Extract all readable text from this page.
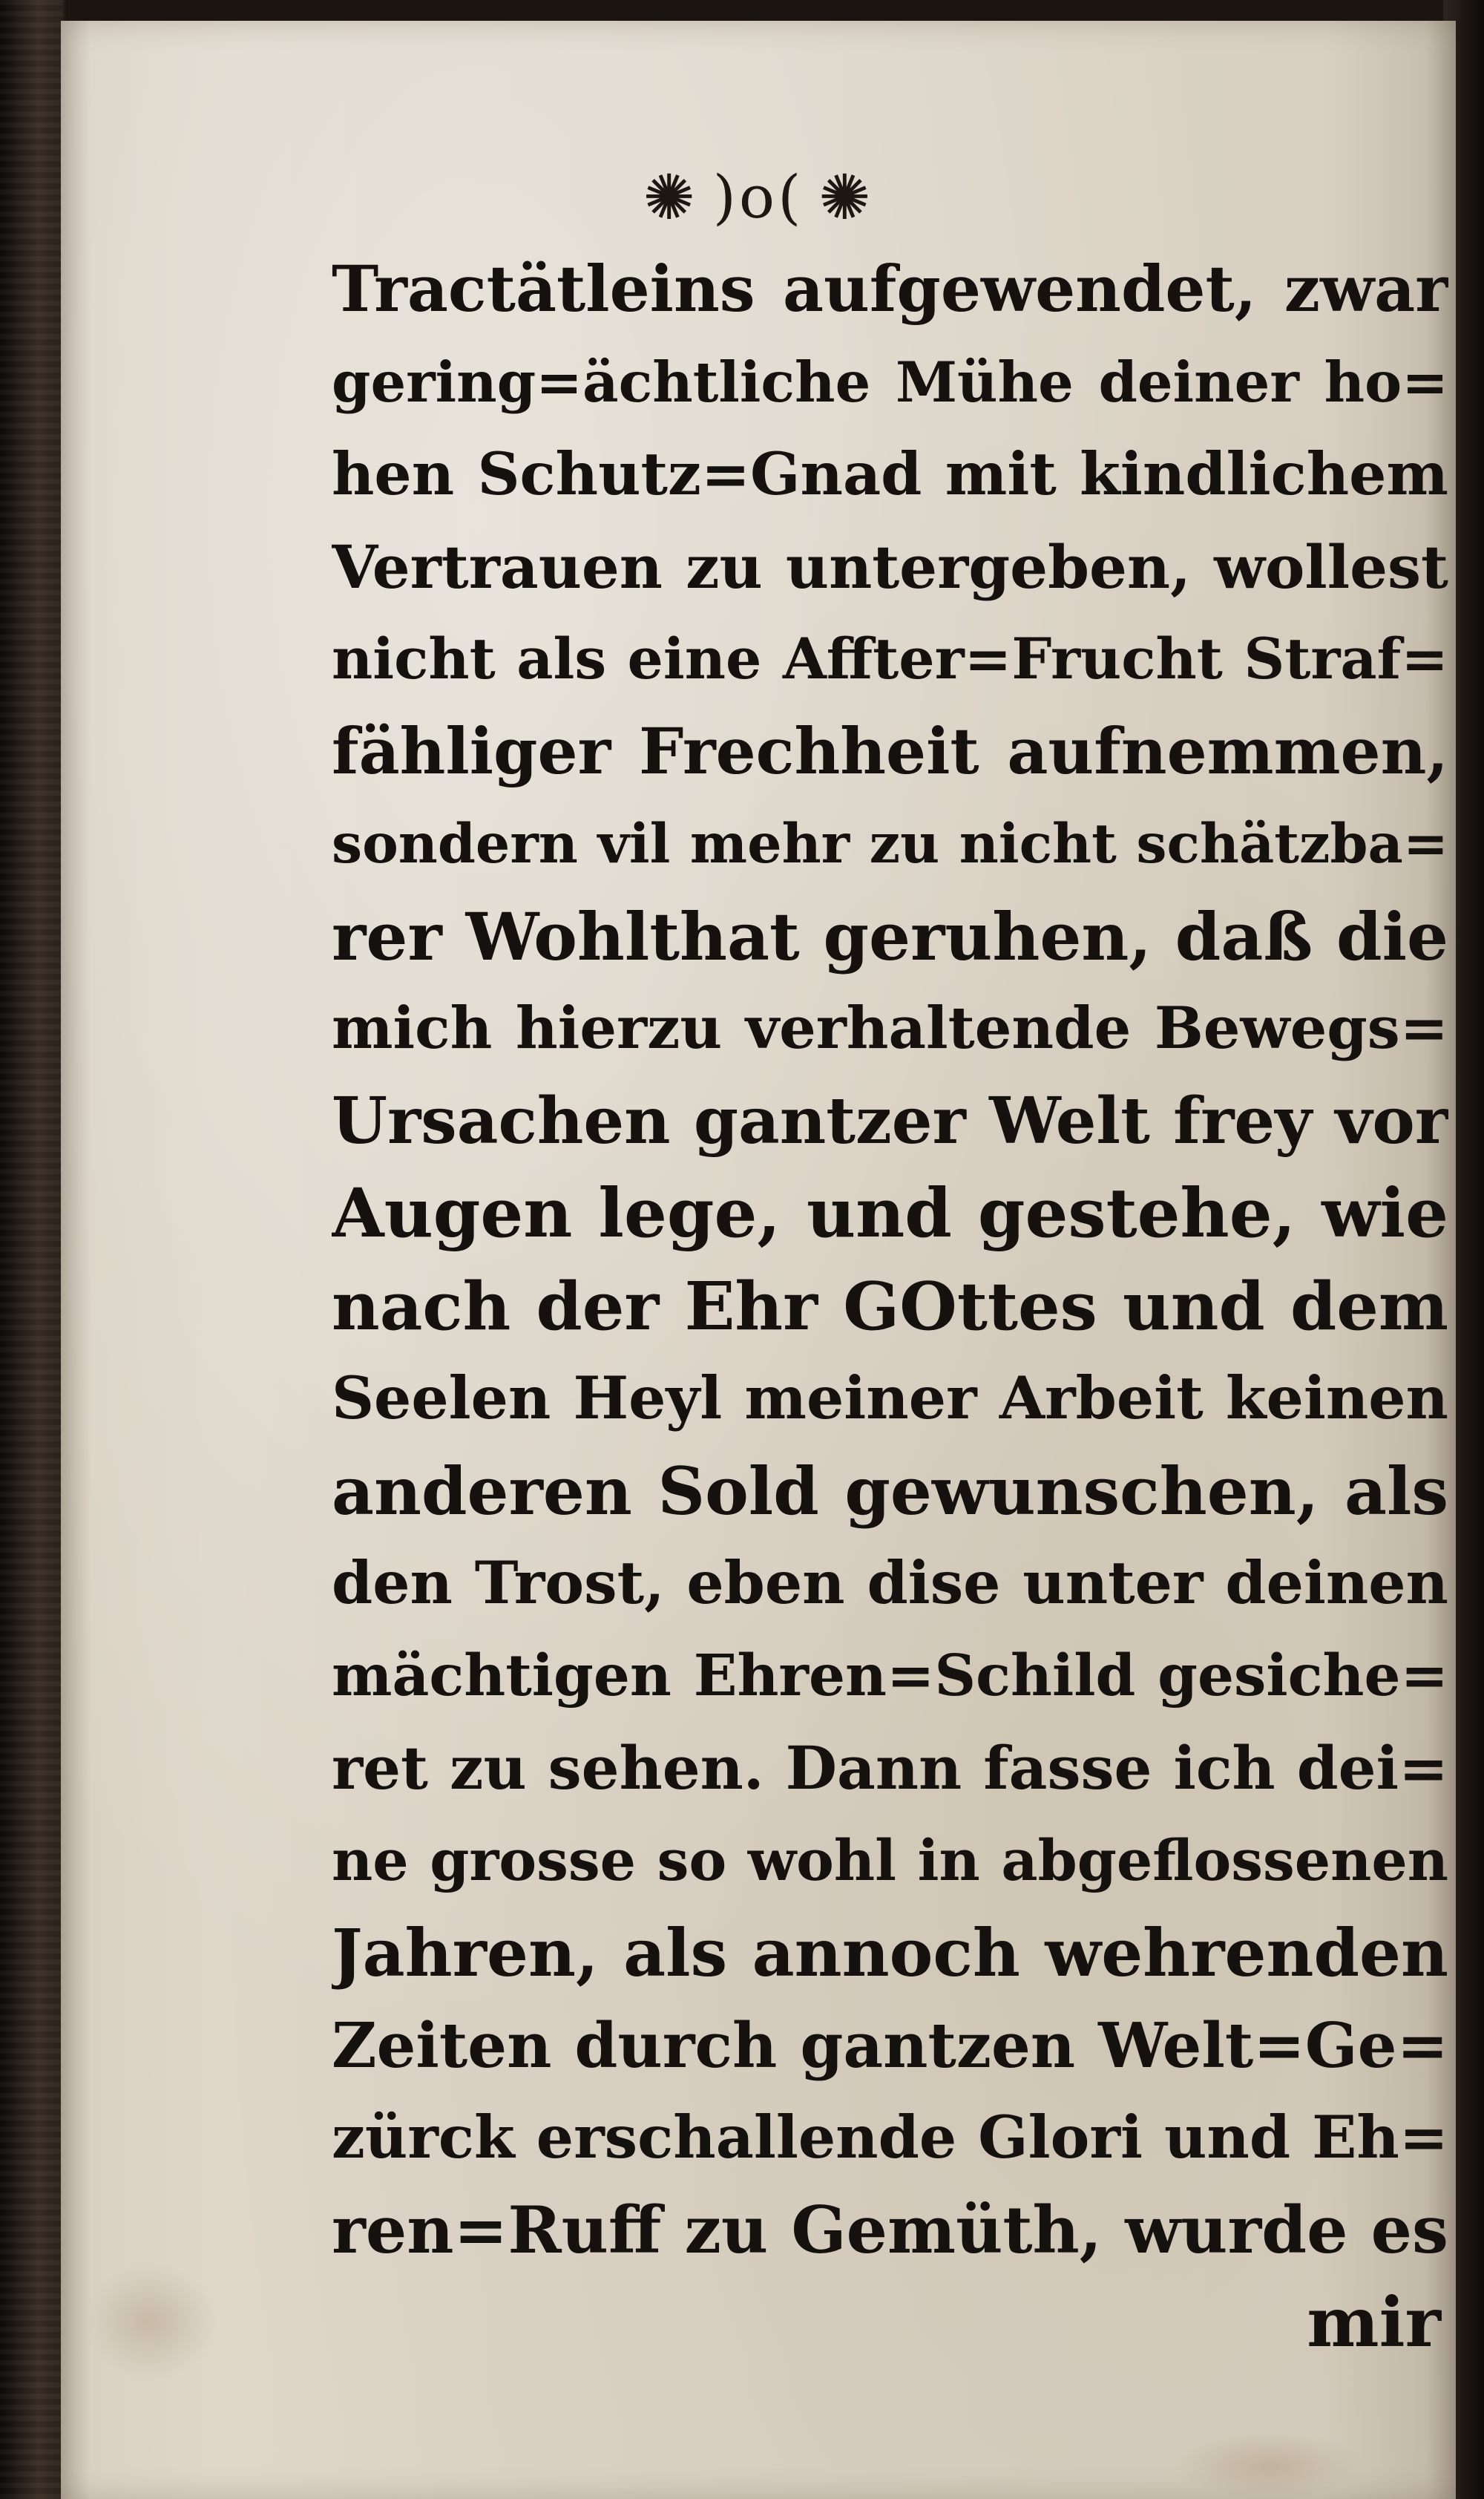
✺ )o( ✺
Tractätleins aufgewendet, zwar
gering=ächtliche Mühe deiner ho=
hen Schutz=Gnad mit kindlichem
Vertrauen zu untergeben, wollest
nicht als eine Affter=Frucht Straf=
fähliger Frechheit aufnemmen,
sondern vil mehr zu nicht schätzba=
rer Wohlthat geruhen, daß die
mich hierzu verhaltende Bewegs=
Ursachen gantzer Welt frey vor
Augen lege, und gestehe, wie
nach der Ehr GOttes und dem
Seelen Heyl meiner Arbeit keinen
anderen Sold gewunschen, als
den Trost, eben dise unter deinen
mächtigen Ehren=Schild gesiche=
ret zu sehen. Dann fasse ich dei=
ne grosse so wohl in abgeflossenen
Jahren, als annoch wehrenden
Zeiten durch gantzen Welt=Ge=
zürck erschallende Glori und Eh=
ren=Ruff zu Gemüth, wurde es
mir
